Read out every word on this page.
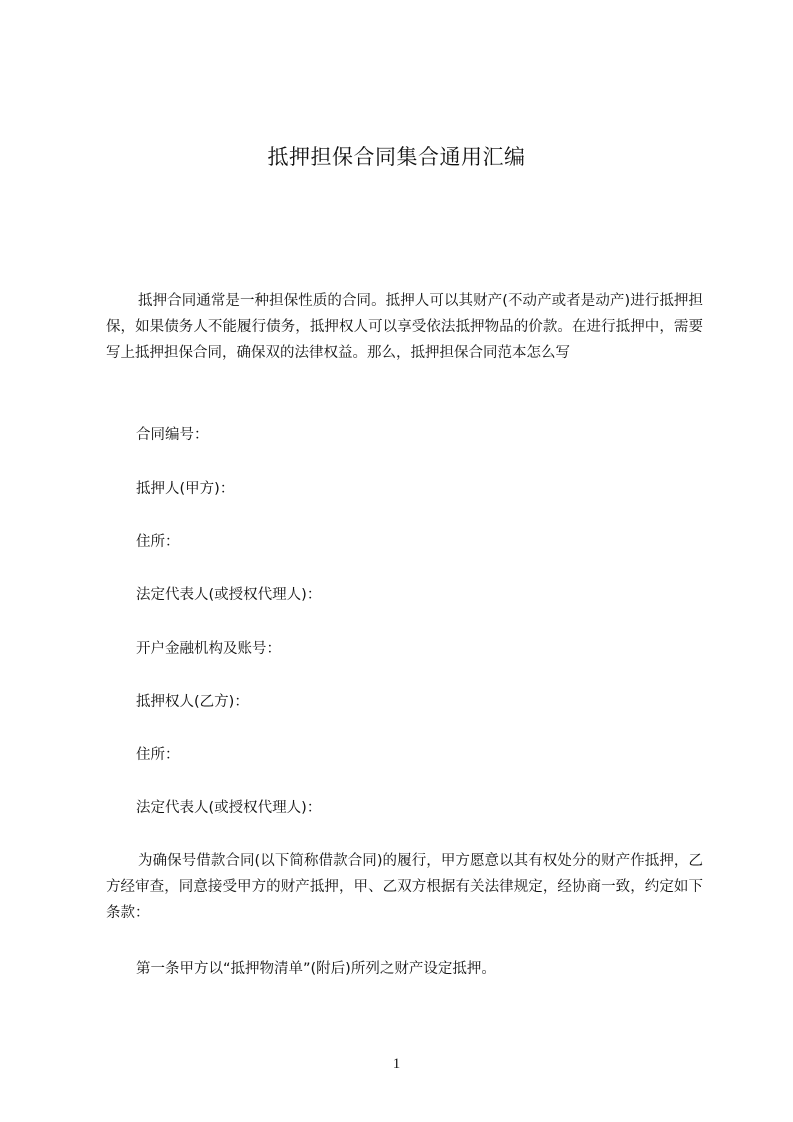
抵押担保合同集合通用汇编

抵押合同通常是一种担保性质的合同。抵押人可以其财产(不动产或者是动产)进行抵押担保，如果债务人不能履行债务，抵押权人可以享受依法抵押物品的价款。在进行抵押中，需要写上抵押担保合同，确保双的法律权益。那么，抵押担保合同范本怎么写

合同编号：

抵押人(甲方)：

住所：

法定代表人(或授权代理人)：

开户金融机构及账号：

抵押权人(乙方)：

住所：

法定代表人(或授权代理人)：

为确保号借款合同(以下简称借款合同)的履行，甲方愿意以其有权处分的财产作抵押，乙方经审查，同意接受甲方的财产抵押，甲、乙双方根据有关法律规定，经协商一致，约定如下条款：

第一条甲方以“抵押物清单”(附后)所列之财产设定抵押。

1
